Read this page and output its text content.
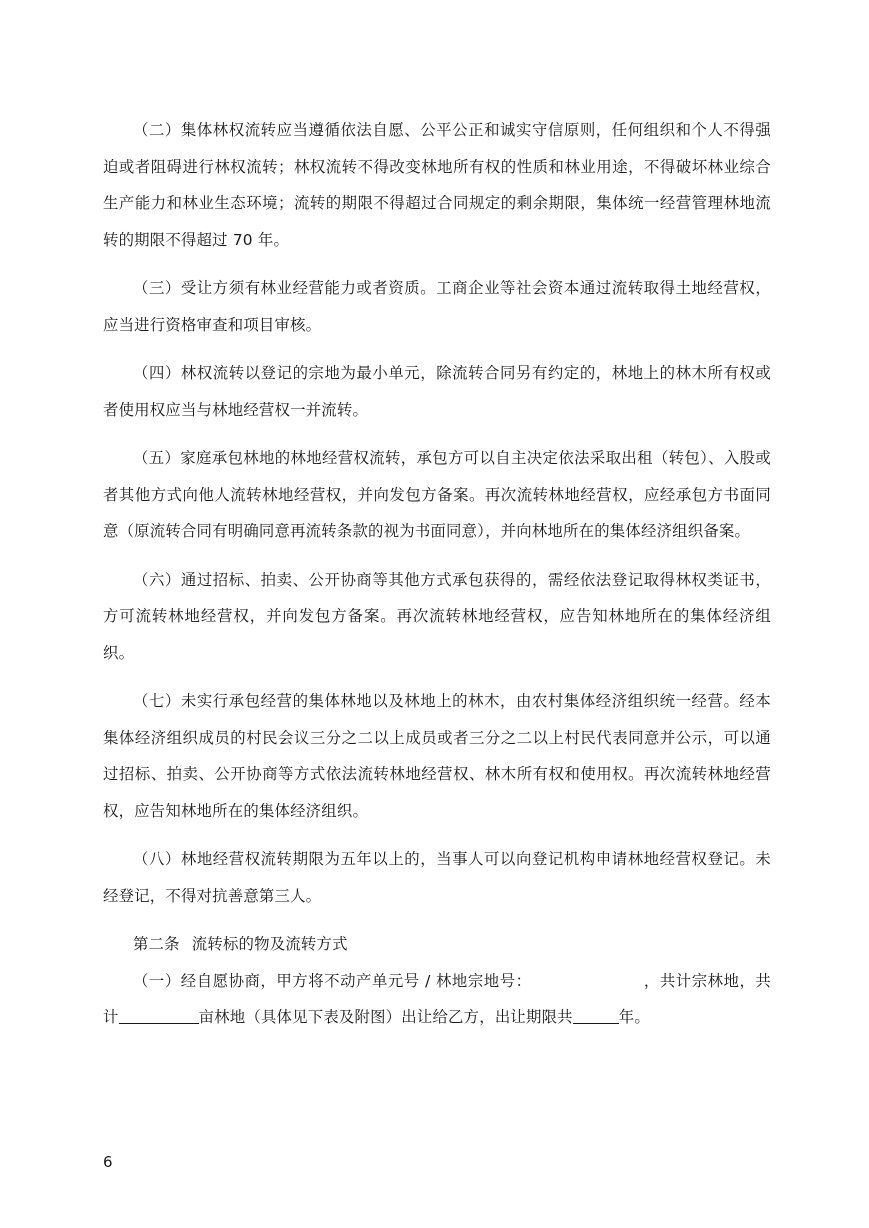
（二）集体林权流转应当遵循依法自愿、公平公正和诚实守信原则，任何组织和个人不得强迫或者阻碍进行林权流转；林权流转不得改变林地所有权的性质和林业用途，不得破坏林业综合生产能力和林业生态环境；流转的期限不得超过合同规定的剩余期限，集体统一经营管理林地流转的期限不得超过 70 年。

（三）受让方须有林业经营能力或者资质。工商企业等社会资本通过流转取得土地经营权，应当进行资格审查和项目审核。

（四）林权流转以登记的宗地为最小单元，除流转合同另有约定的，林地上的林木所有权或者使用权应当与林地经营权一并流转。

（五）家庭承包林地的林地经营权流转，承包方可以自主决定依法采取出租（转包）、入股或者其他方式向他人流转林地经营权，并向发包方备案。再次流转林地经营权，应经承包方书面同意（原流转合同有明确同意再流转条款的视为书面同意），并向林地所在的集体经济组织备案。

（六）通过招标、拍卖、公开协商等其他方式承包获得的，需经依法登记取得林权类证书，方可流转林地经营权，并向发包方备案。再次流转林地经营权，应告知林地所在的集体经济组织。

（七）未实行承包经营的集体林地以及林地上的林木，由农村集体经济组织统一经营。经本集体经济组织成员的村民会议三分之二以上成员或者三分之二以上村民代表同意并公示，可以通过招标、拍卖、公开协商等方式依法流转林地经营权、林木所有权和使用权。再次流转林地经营权，应告知林地所在的集体经济组织。

（八）林地经营权流转期限为五年以上的，当事人可以向登记机构申请林地经营权登记。未经登记，不得对抗善意第三人。

第二条 流转标的物及流转方式

（一）经自愿协商，甲方将不动产单元号 / 林地宗地号：	，共计宗林地，共计	亩林地（具体见下表及附图）出让给乙方，出让期限共	年。

6
